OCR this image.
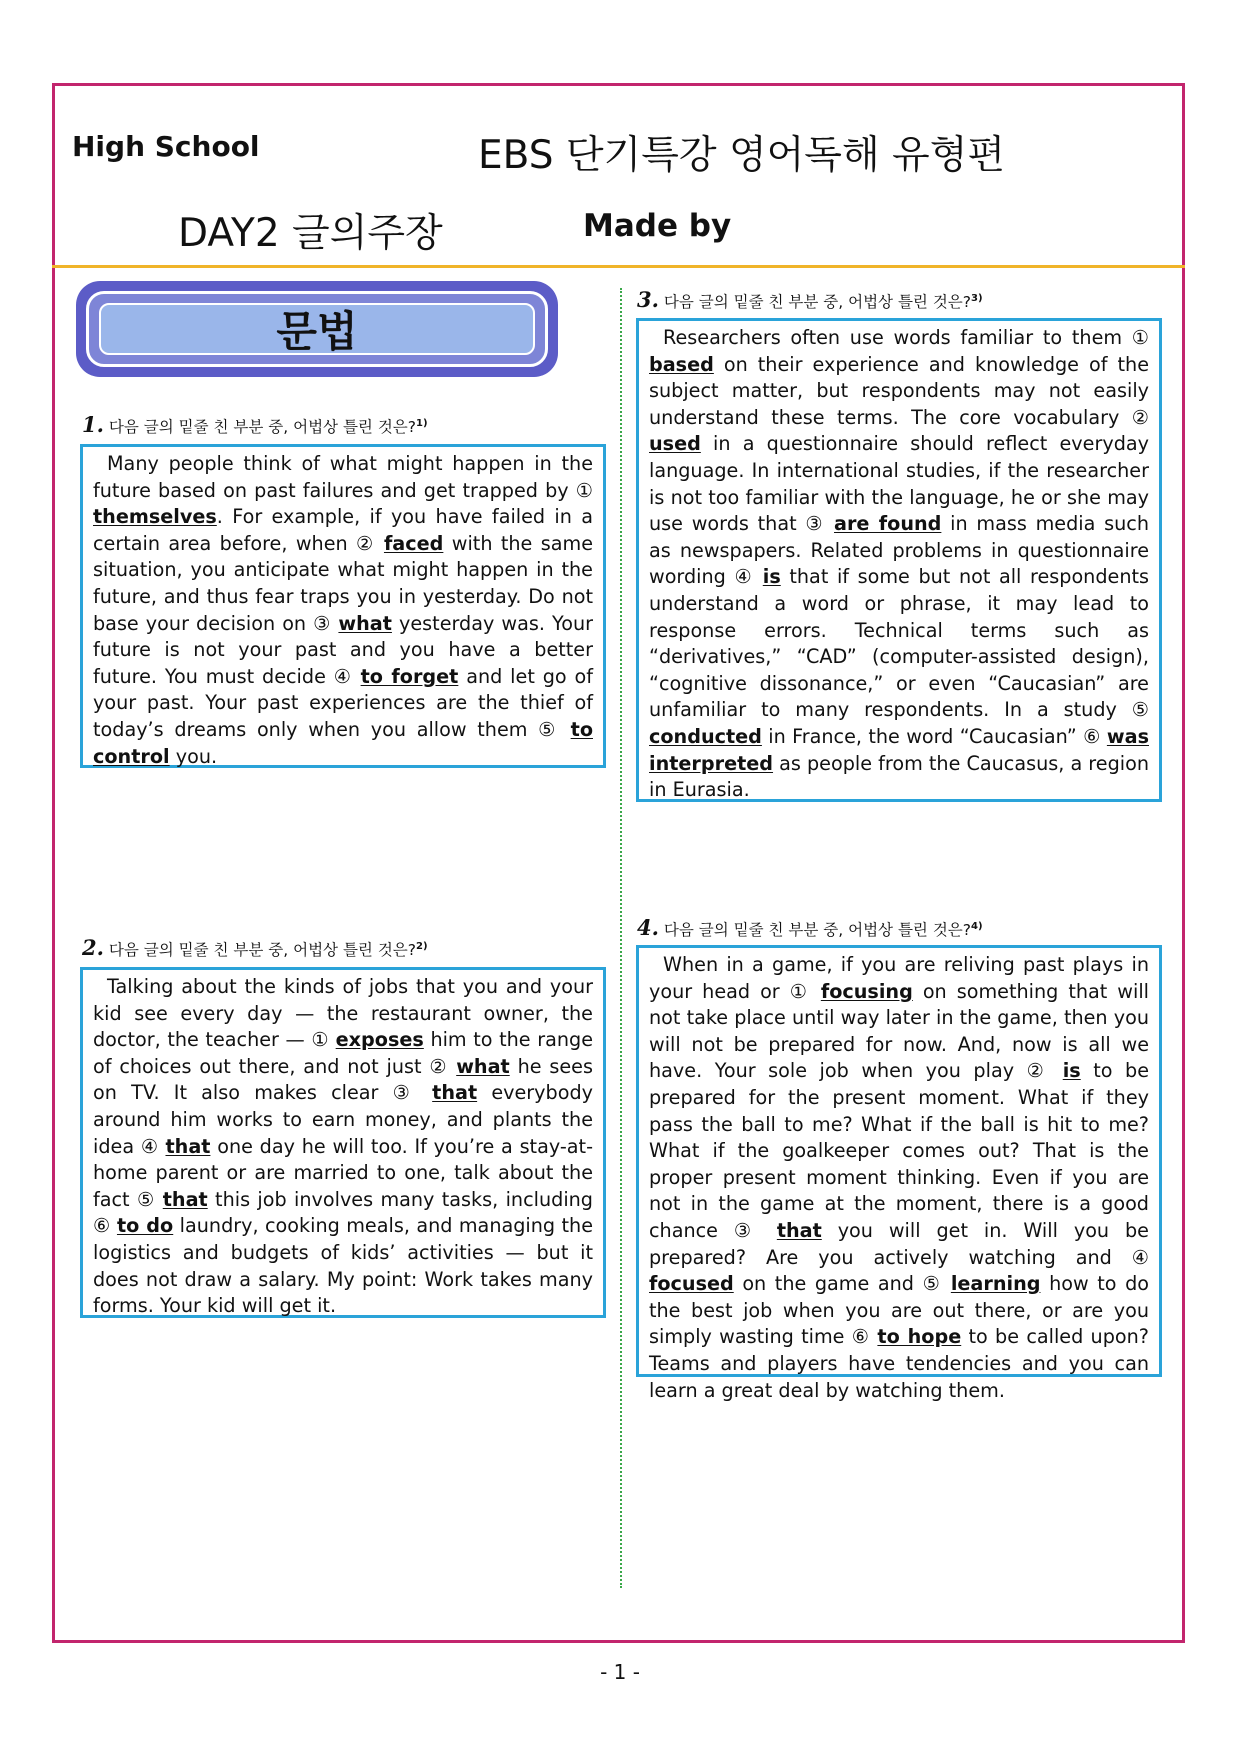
High School	EBS 단기특강 영어독해 유형편
DAY2 글의주장	Made by
문법
1. 다음 글의 밑줄 친 부분 중, 어법상 틀린 것은?$^{1)}$
Many people think of what might happen in the future based on past failures and get trapped by ① themselves. For example, if you have failed in a certain area before, when ② faced with the same situation, you anticipate what might happen in the future, and thus fear traps you in yesterday. Do not base your decision on ③ what yesterday was. Your future is not your past and you have a better future. You must decide ④ to forget and let go of your past. Your past experiences are the thief of today’s dreams only when you allow them ⑤ to control you.
2. 다음 글의 밑줄 친 부분 중, 어법상 틀린 것은?$^{2)}$
Talking about the kinds of jobs that you and your kid see every day — the restaurant owner, the doctor, the teacher — ① exposes him to the range of choices out there, and not just ② what he sees on TV. It also makes clear ③ that everybody around him works to earn money, and plants the idea ④ that one day he will too. If you’re a stay-at-home parent or are married to one, talk about the fact ⑤ that this job involves many tasks, including ⑥ to do laundry, cooking meals, and managing the logistics and budgets of kids’ activities — but it does not draw a salary. My point: Work takes many forms. Your kid will get it.
3. 다음 글의 밑줄 친 부분 중, 어법상 틀린 것은?$^{3)}$
Researchers often use words familiar to them ① based on their experience and knowledge of the subject matter, but respondents may not easily understand these terms. The core vocabulary ② used in a questionnaire should reflect everyday language. In international studies, if the researcher is not too familiar with the language, he or she may use words that ③ are found in mass media such as newspapers. Related problems in questionnaire wording ④ is that if some but not all respondents understand a word or phrase, it may lead to response errors. Technical terms such as “derivatives,” “CAD” (computer-assisted design), “cognitive dissonance,” or even “Caucasian” are unfamiliar to many respondents. In a study ⑤ conducted in France, the word “Caucasian” ⑥ was interpreted as people from the Caucasus, a region in Eurasia.
4. 다음 글의 밑줄 친 부분 중, 어법상 틀린 것은?$^{4)}$
When in a game, if you are reliving past plays in your head or ① focusing on something that will not take place until way later in the game, then you will not be prepared for now. And, now is all we have. Your sole job when you play ② is to be prepared for the present moment. What if they pass the ball to me? What if the ball is hit to me? What if the goalkeeper comes out? That is the proper present moment thinking. Even if you are not in the game at the moment, there is a good chance ③ that you will get in. Will you be prepared? Are you actively watching and ④ focused on the game and ⑤ learning how to do the best job when you are out there, or are you simply wasting time ⑥ to hope to be called upon? Teams and players have tendencies and you can learn a great deal by watching them.
- 1 -
